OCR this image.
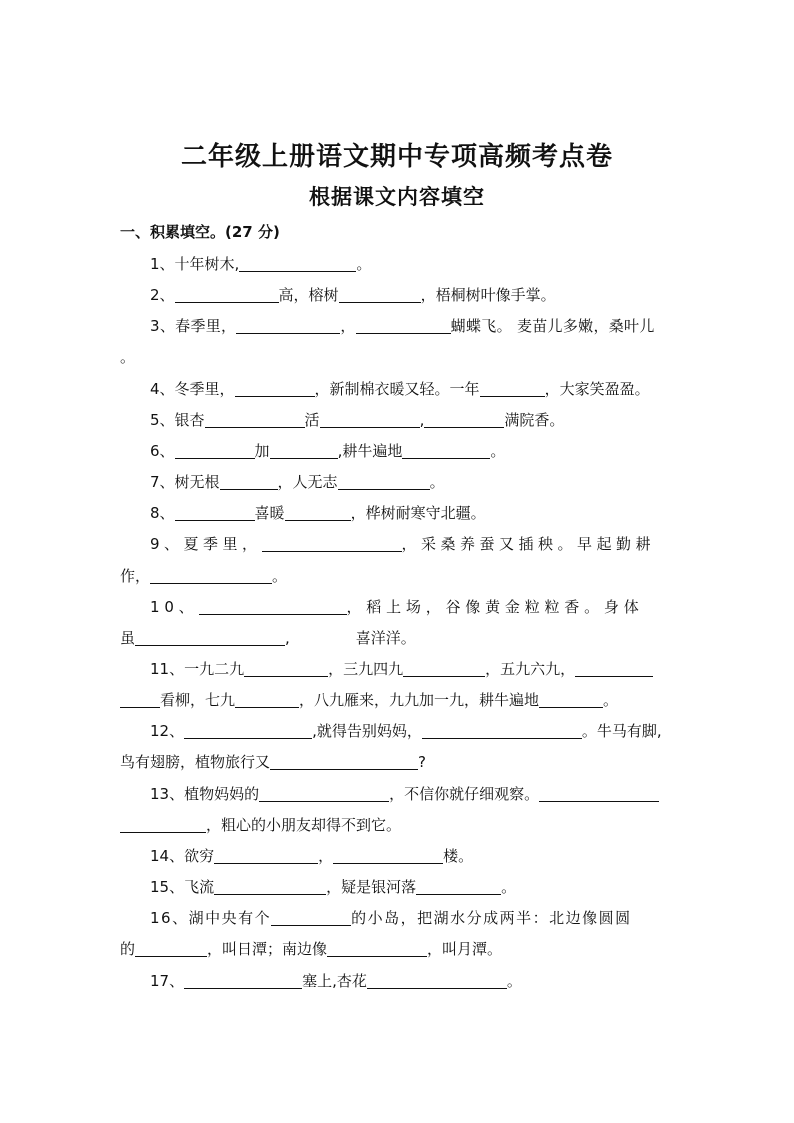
二年级上册语文期中专项高频考点卷
根据课文内容填空
一、积累填空。(27 分)
1、十年树木,	。
2、	高，榕树	，梧桐树叶像手掌。
3、春季里，	，	蝴蝶飞。 麦苗儿多嫩，桑叶儿
。
4、冬季里，	，新制棉衣暖又轻。一年	，大家笑盈盈。
5、银杏	活	,	满院香。
6、	加	,耕牛遍地	。
7、树无根	，人无志	。
8、	喜暖	，桦树耐寒守北疆。
9、夏季里，	，采桑养蚕又插秧。早起勤耕
作，	。
10、	，稻上场，谷像黄金粒粒香。身体
虽	,	喜洋洋。
11、一九二九	，三九四九	，五九六九，
看柳，七九	，八九雁来，九九加一九，耕牛遍地	。
12、	,就得告别妈妈，	。牛马有脚,
鸟有翅膀，植物旅行又	?
13、植物妈妈的	，不信你就仔细观察。
，粗心的小朋友却得不到它。
14、欲穷	，	楼。
15、飞流	，疑是银河落	。
16、湖中央有个	的小岛，把湖水分成两半：北边像圆圆
的	，叫日潭；南边像	，叫月潭。
17、	塞上,杏花	。
